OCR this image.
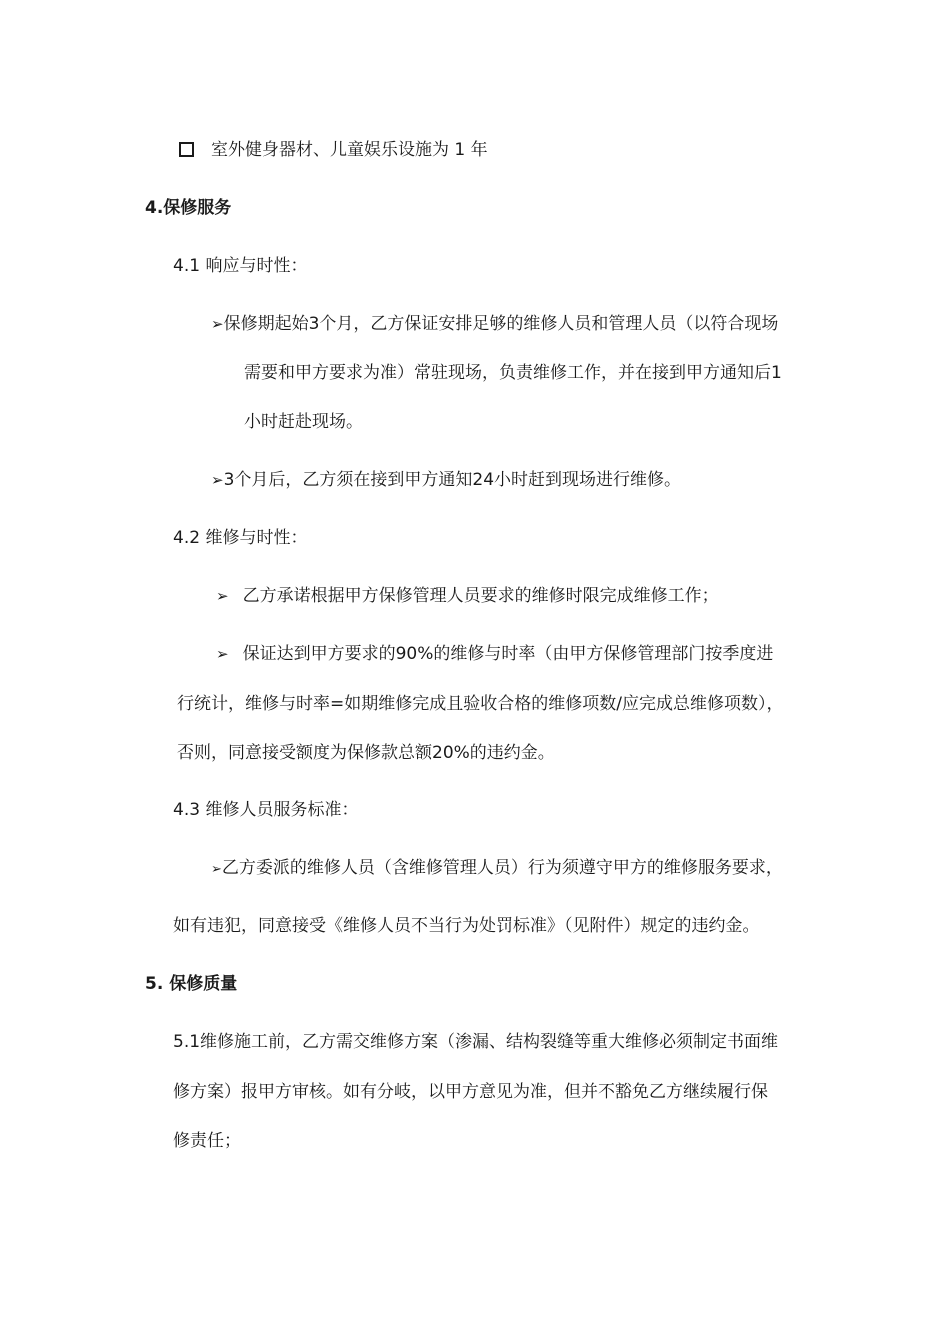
室外健身器材、儿童娱乐设施为 1 年
4.保修服务
4.1 响应与时性：
➢保修期起始3个月，乙方保证安排足够的维修人员和管理人员（以符合现场
需要和甲方要求为准）常驻现场，负责维修工作，并在接到甲方通知后1
小时赶赴现场。
➢3个月后，乙方须在接到甲方通知24小时赶到现场进行维修。
4.2 维修与时性：
➢ 乙方承诺根据甲方保修管理人员要求的维修时限完成维修工作；
➢ 保证达到甲方要求的90%的维修与时率（由甲方保修管理部门按季度进
行统计，维修与时率=如期维修完成且验收合格的维修项数/应完成总维修项数），
否则，同意接受额度为保修款总额20%的违约金。
4.3 维修人员服务标准：
➢乙方委派的维修人员（含维修管理人员）行为须遵守甲方的维修服务要求，
如有违犯，同意接受《维修人员不当行为处罚标准》（见附件）规定的违约金。
5. 保修质量
5.1维修施工前，乙方需交维修方案（渗漏、结构裂缝等重大维修必须制定书面维
修方案）报甲方审核。如有分岐，以甲方意见为准，但并不豁免乙方继续履行保
修责任；
